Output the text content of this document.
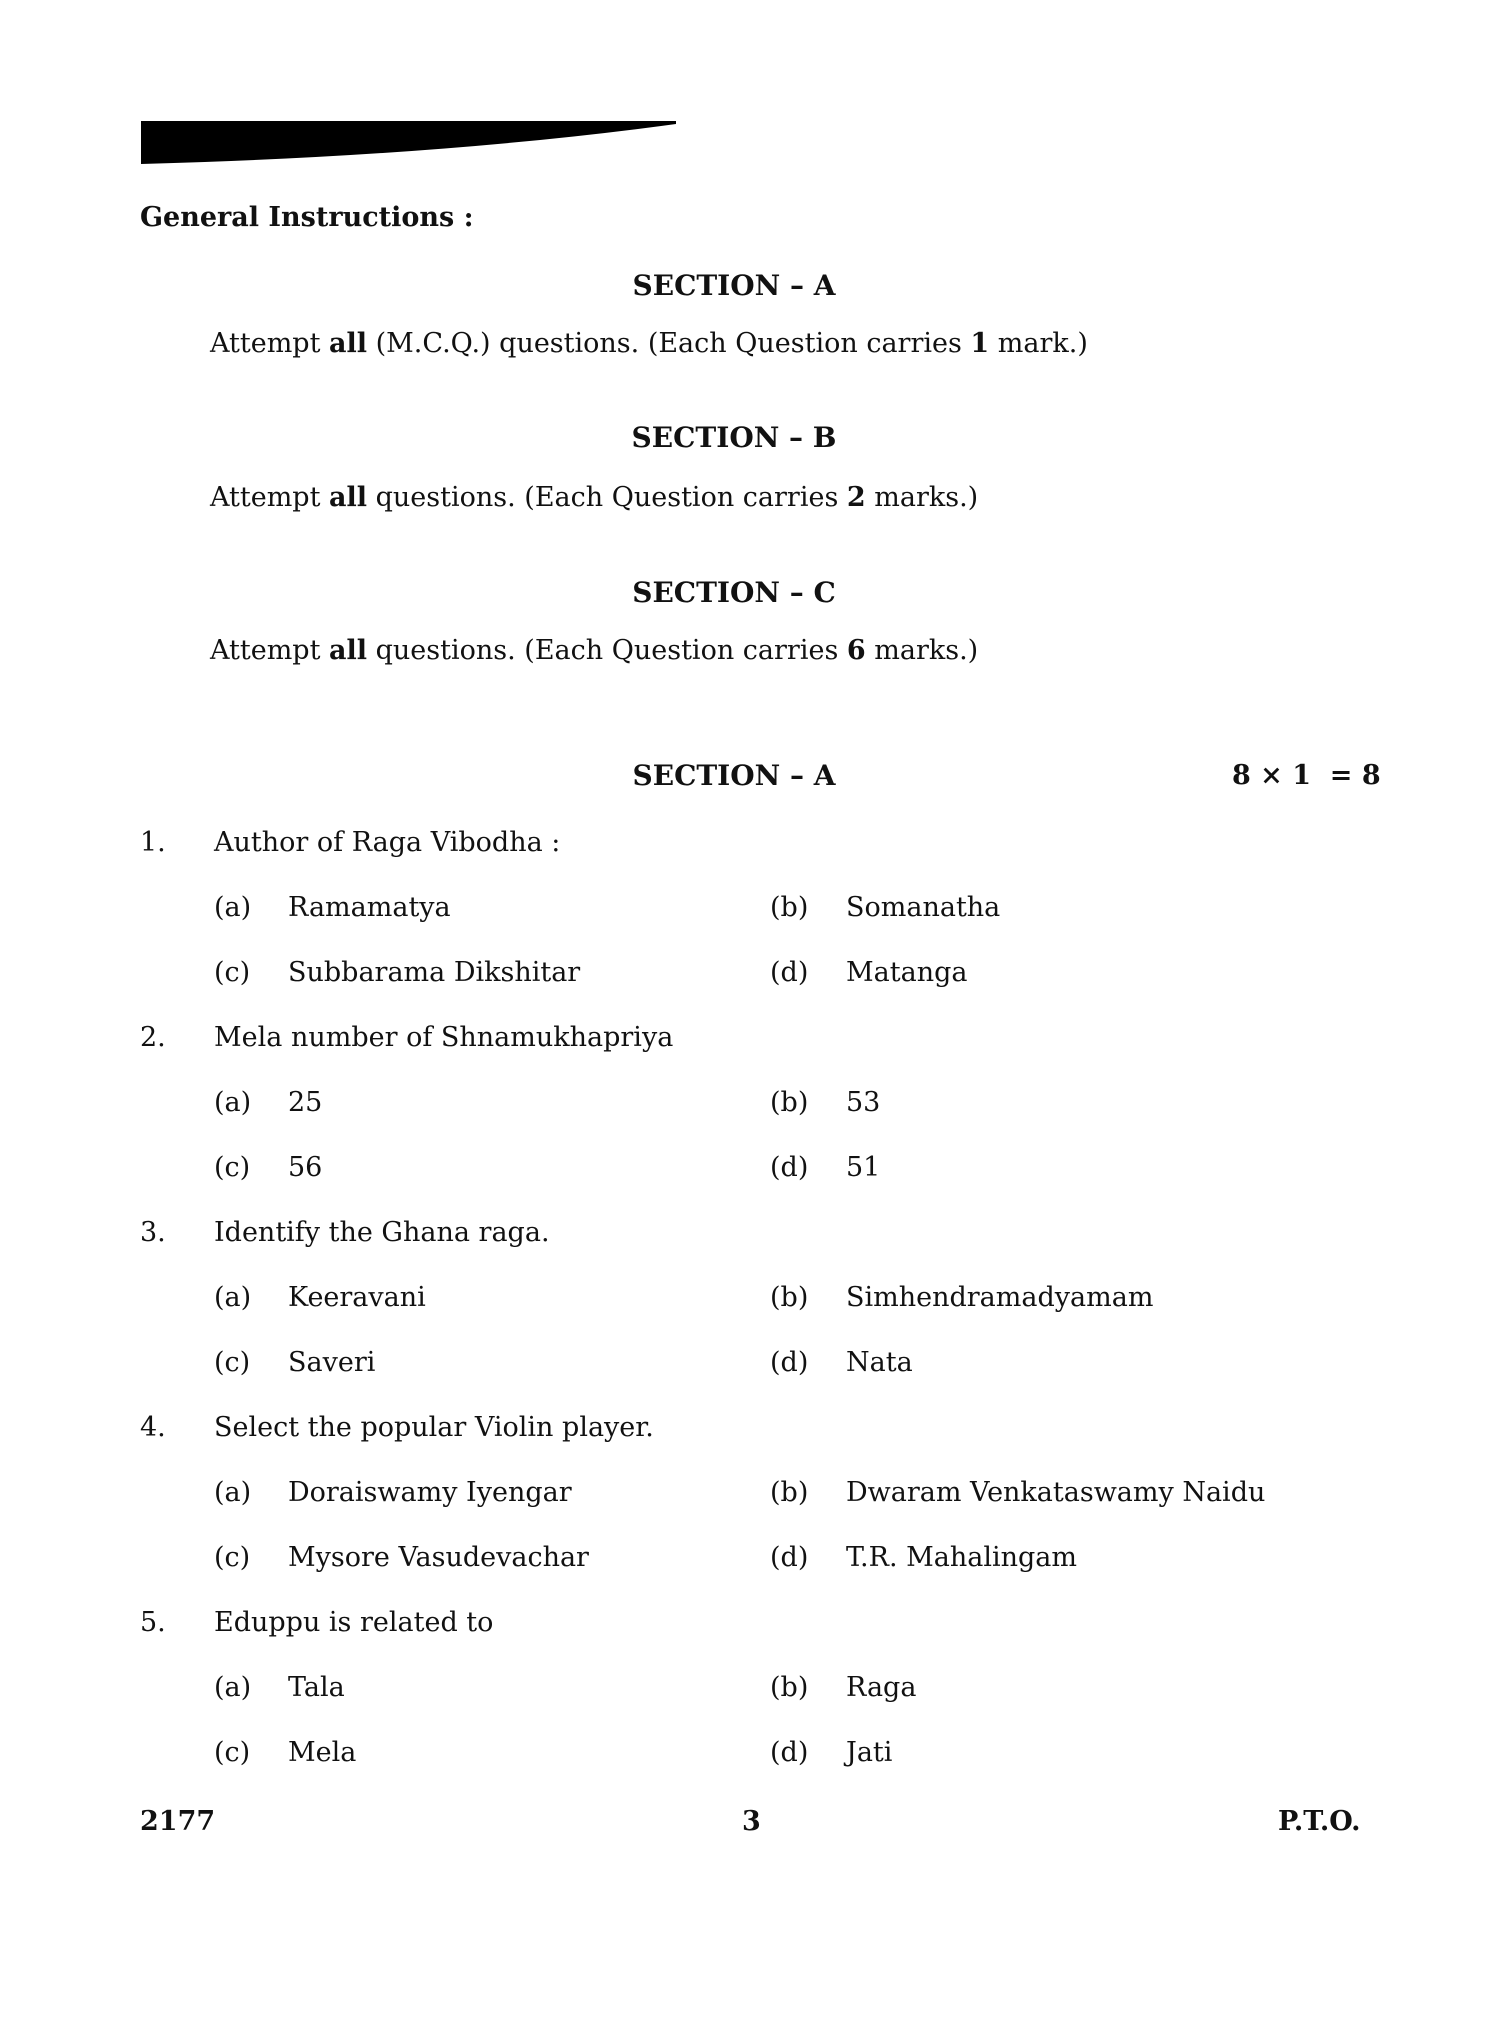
General Instructions :
SECTION – A
Attempt all (M.C.Q.) questions. (Each Question carries 1 mark.)
SECTION – B
Attempt all questions. (Each Question carries 2 marks.)
SECTION – C
Attempt all questions. (Each Question carries 6 marks.)
SECTION – A	8 × 1  = 8
1. Author of Raga Vibodha :
(a) Ramamatya	(b) Somanatha
(c) Subbarama Dikshitar	(d) Matanga
2. Mela number of Shnamukhapriya
(a) 25	(b) 53
(c) 56	(d) 51
3. Identify the Ghana raga.
(a) Keeravani	(b) Simhendramadyamam
(c) Saveri	(d) Nata
4. Select the popular Violin player.
(a) Doraiswamy Iyengar	(b) Dwaram Venkataswamy Naidu
(c) Mysore Vasudevachar	(d) T.R. Mahalingam
5. Eduppu is related to
(a) Tala	(b) Raga
(c) Mela	(d) Jati
2177	3	P.T.O.
